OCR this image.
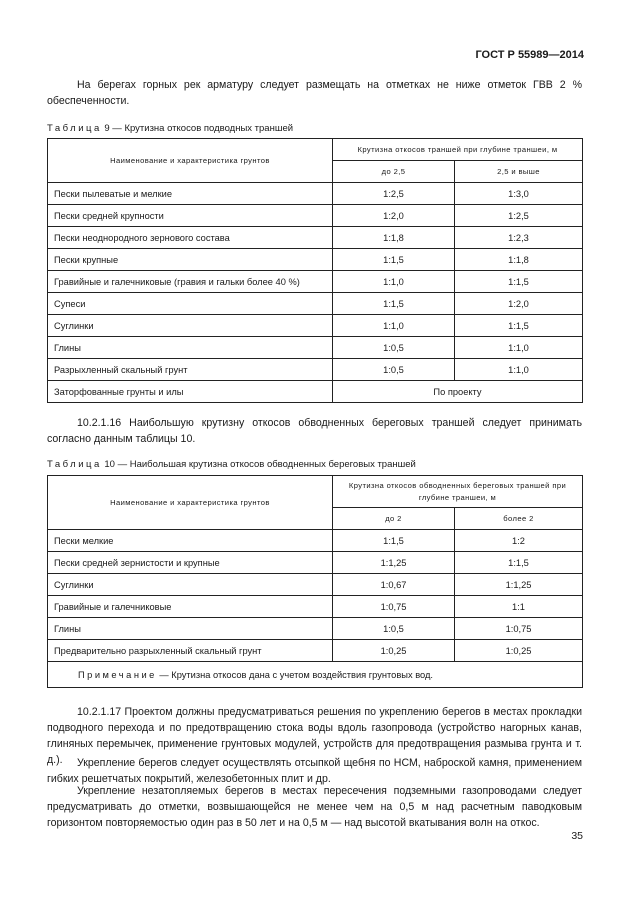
ГОСТ Р 55989—2014
На берегах горных рек арматуру следует размещать на отметках не ниже отметок ГВВ 2 % обеспеченности.
Таблица 9 — Крутизна откосов подводных траншей
Наименование и характеристика грунтов	Крутизна откосов траншей при глубине траншеи, м	
	до 2,5	2,5 и выше
Пески пылеватые и мелкие	1:2,5	1:3,0
Пески средней крупности	1:2,0	1:2,5
Пески неоднородного зернового состава	1:1,8	1:2,3
Пески крупные	1:1,5	1:1,8
Гравийные и галечниковые (гравия и гальки более 40 %)	1:1,0	1:1,5
Супеси	1:1,5	1:2,0
Суглинки	1:1,0	1:1,5
Глины	1:0,5	1:1,0
Разрыхленный скальный грунт	1:0,5	1:1,0
Заторфованные грунты и илы	По проекту	
10.2.1.16 Наибольшую крутизну откосов обводненных береговых траншей следует принимать согласно данным таблицы 10.
Таблица 10 — Наибольшая крутизна откосов обводненных береговых траншей
Наименование и характеристика грунтов	Крутизна откосов обводненных береговых траншей при глубине траншеи, м	
	до 2	более 2
Пески мелкие	1:1,5	1:2
Пески средней зернистости и крупные	1:1,25	1:1,5
Суглинки	1:0,67	1:1,25
Гравийные и галечниковые	1:0,75	1:1
Глины	1:0,5	1:0,75
Предварительно разрыхленный скальный грунт	1:0,25	1:0,25
Примечание — Крутизна откосов дана с учетом воздействия грунтовых вод.		
10.2.1.17 Проектом должны предусматриваться решения по укреплению берегов в местах прокладки подводного перехода и по предотвращению стока воды вдоль газопровода (устройство нагорных канав, глиняных перемычек, применение грунтовых модулей, устройств для предотвращения размыва грунта и т. д.).	Укрепление берегов следует осуществлять отсыпкой щебня по НСМ, наброской камня, применением гибких решетчатых покрытий, железобетонных плит и др.
Укрепление незатопляемых берегов в местах пересечения подземными газопроводами следует предусматривать до отметки, возвышающейся не менее чем на 0,5 м над расчетным паводковым горизонтом повторяемостью один раз в 50 лет и на 0,5 м — над высотой вкатывания волн на откос.
35
